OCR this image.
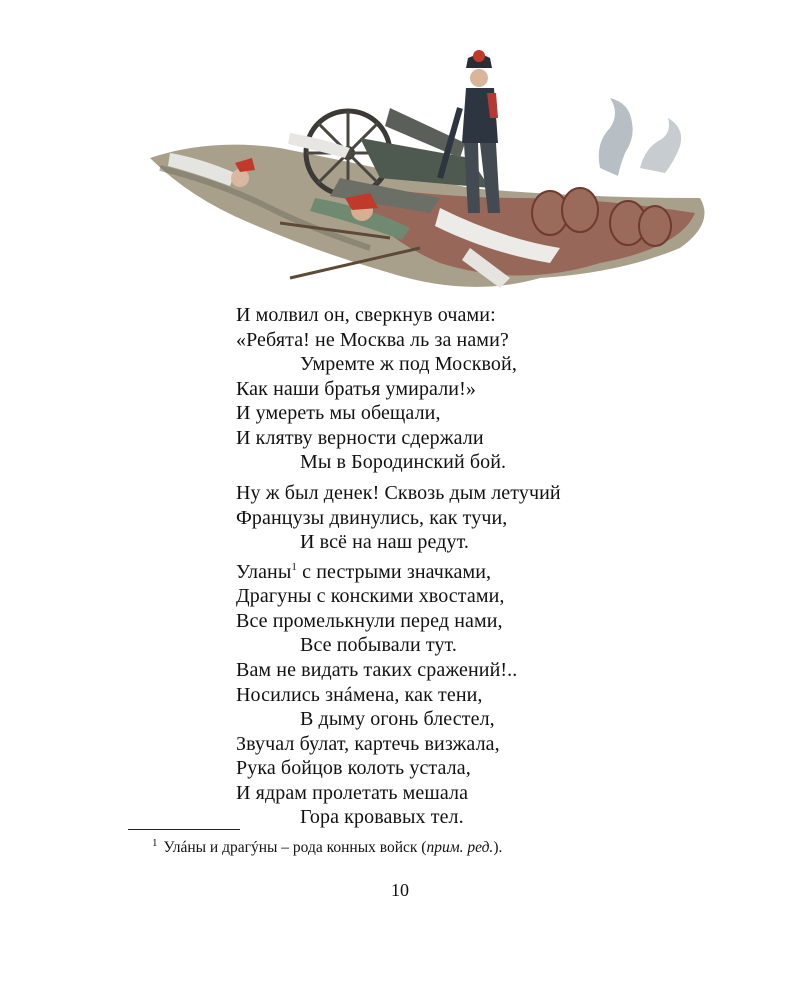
И молвил он, сверкнув очами:
«Ребята! не Москва ль за нами?
Умремте ж под Москвой,
Как наши братья умирали!»
И умереть мы обещали,
И клятву верности сдержали
Мы в Бородинский бой.
Ну ж был денек! Сквозь дым летучий
Французы двинулись, как тучи,
И всё на наш редут.
Уланы$^1$ с пестрыми значками,
Драгуны с конскими хвостами,
Все промелькнули перед нами,
Все побывали тут.
Вам не видать таких сражений!..
Носились знáмена, как тени,
В дыму огонь блестел,
Звучал булат, картечь визжала,
Рука бойцов колоть устала,
И ядрам пролетать мешала
Гора кровавых тел.
$^1$ Улáны и драгýны – рода конных войск (прим. ред.).
10
